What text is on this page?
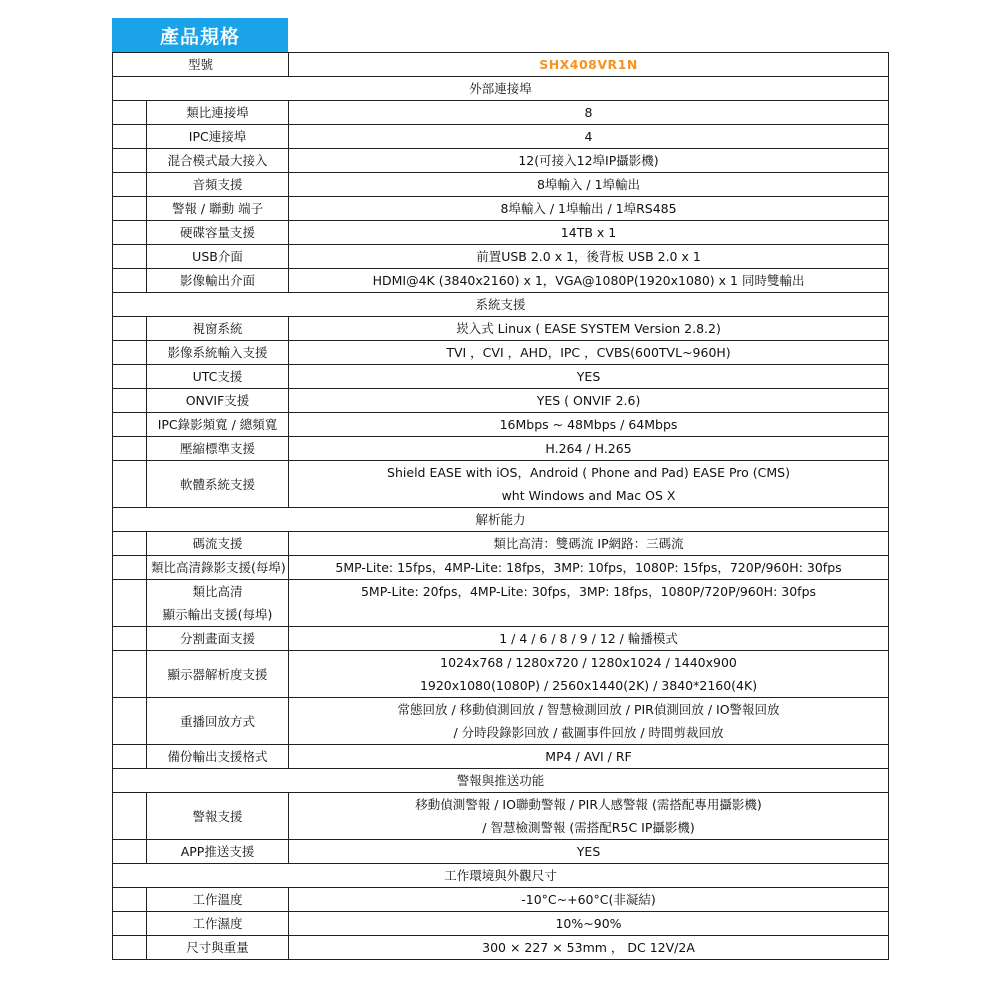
產品規格
型號		SHX408VR1N
外部連接埠		

	類比連接埠	8

	IPC連接埠	4

	混合模式最大接入	12(可接入12埠IP攝影機)

	音頻支援	8埠輸入 / 1埠輸出

	警報 / 聯動 端子	8埠輸入 / 1埠輸出 / 1埠RS485

	硬碟容量支援	14TB x 1

	USB介面	前置USB 2.0 x 1，後背板 USB 2.0 x 1

	影像輸出介面	HDMI@4K (3840x2160) x 1，VGA@1080P(1920x1080) x 1 同時雙輸出
系統支援		

	視窗系統	崁入式 Linux ( EASE SYSTEM Version 2.8.2)

	影像系統輸入支援	TVI ，CVI ，AHD，IPC ，CVBS(600TVL~960H)

	UTC支援	YES

	ONVIF支援	YES ( ONVIF 2.6)

	IPC錄影頻寬 / 總頻寬	16Mbps ~ 48Mbps / 64Mbps

	壓縮標準支援	H.264 / H.265

	軟體系統支援	Shield EASE with iOS，Android ( Phone and Pad) EASE Pro (CMS)
wht Windows and Mac OS X

解析能力		

	碼流支援	類比高清：雙碼流 IP網路：三碼流

	類比高清錄影支援(每埠)	5MP-Lite: 15fps，4MP-Lite: 18fps，3MP: 10fps，1080P: 15fps，720P/960H: 30fps

	類比高清
顯示輸出支援(每埠)	5MP-Lite: 20fps，4MP-Lite: 30fps，3MP: 18fps，1080P/720P/960H: 30fps

	分割畫面支援	1 / 4 / 6 / 8 / 9 / 12 / 輪播模式

	顯示器解析度支援	1024x768 / 1280x720 / 1280x1024 / 1440x900
1920x1080(1080P) / 2560x1440(2K) / 3840*2160(4K)

	重播回放方式	常態回放 / 移動偵測回放 / 智慧檢測回放 / PIR偵測回放 / IO警報回放
/ 分時段錄影回放 / 截圖事件回放 / 時間剪裁回放

	備份輸出支援格式	MP4 / AVI / RF
警報與推送功能		

	警報支援	移動偵測警報 / IO聯動警報 / PIR人感警報 (需搭配專用攝影機)
/ 智慧檢測警報 (需搭配R5C IP攝影機)

	APP推送支援	YES
工作環境與外觀尺寸		

	工作溫度	-10°C~+60°C(非凝結)

	工作濕度	10%~90%

	尺寸與重量	300 × 227 × 53mm ， DC 12V/2A
